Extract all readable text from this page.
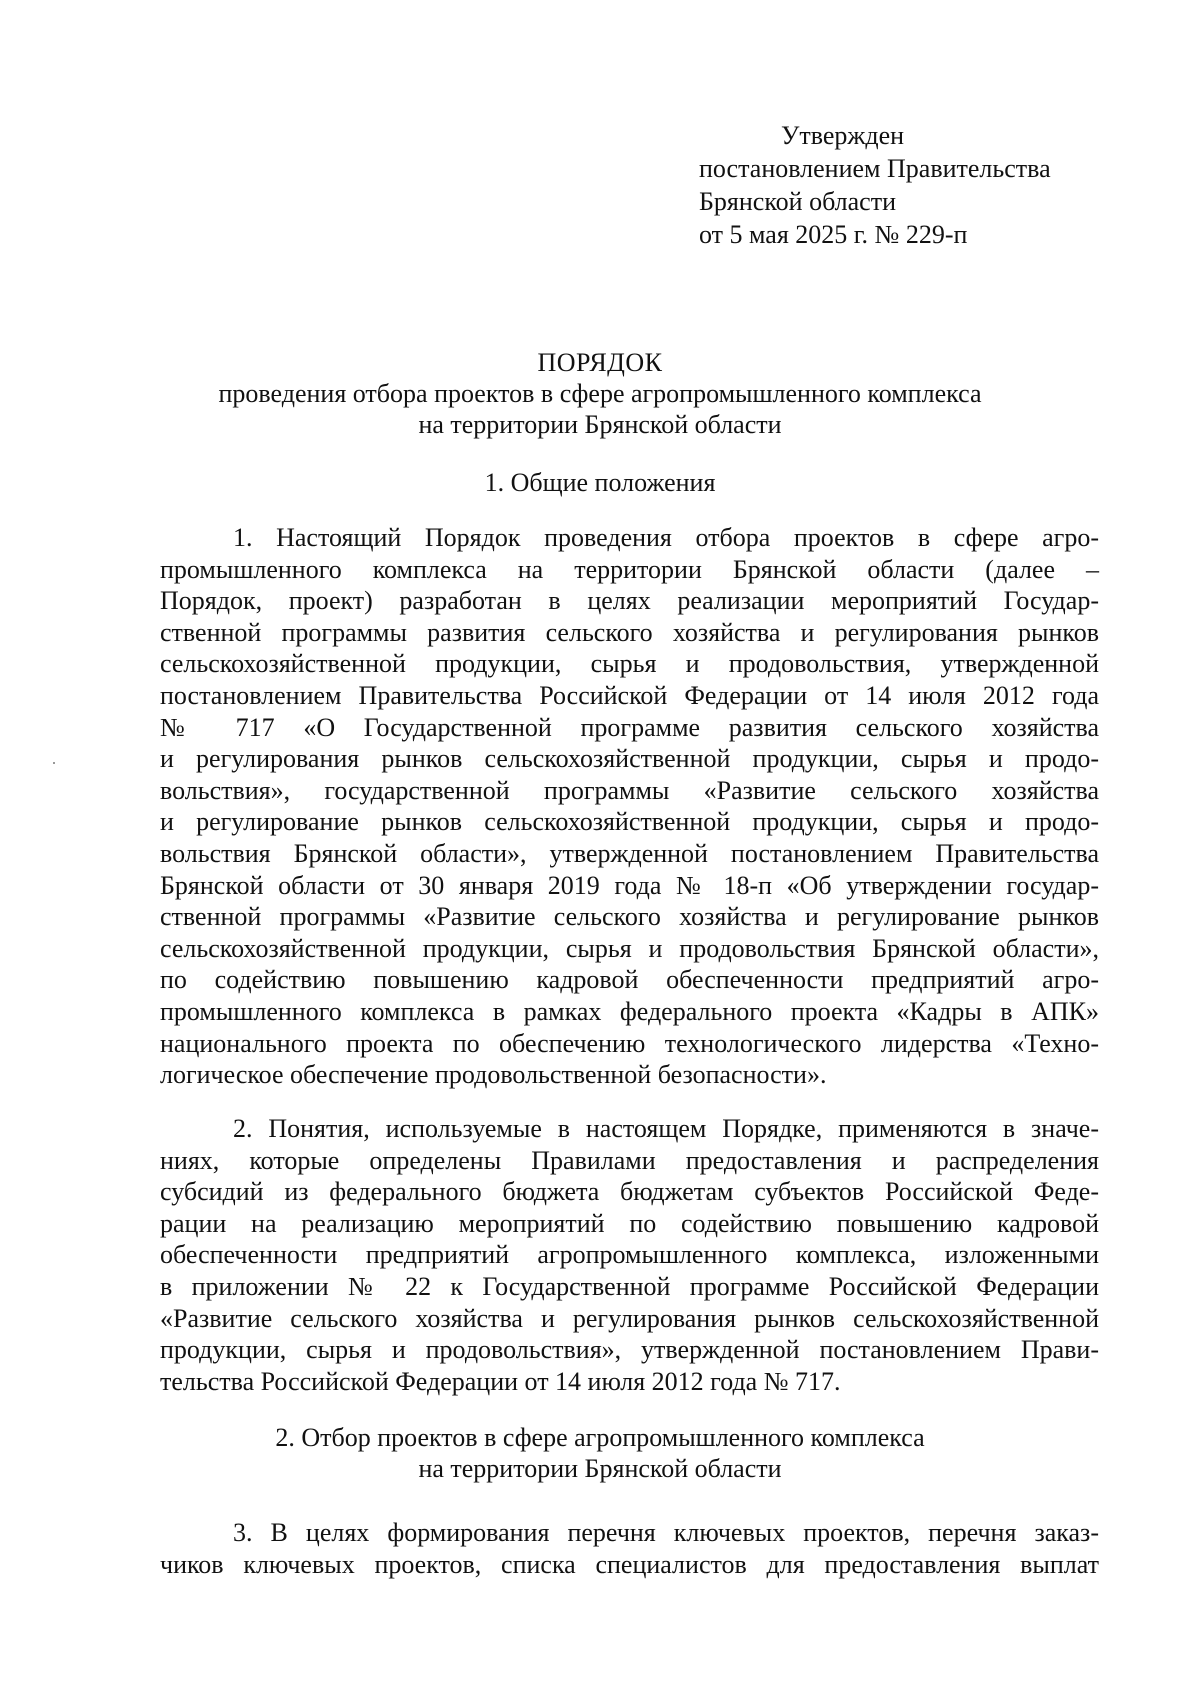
Утвержден
постановлением Правительства
Брянской области
от 5 мая 2025 г. № 229-п
ПОРЯДОК
проведения отбора проектов в сфере агропромышленного комплекса
на территории Брянской области
1. Общие положения
1. Настоящий Порядок проведения отбора проектов в сфере агро-
промышленного комплекса на территории Брянской области (далее –
Порядок, проект) разработан в целях реализации мероприятий Государ-
ственной программы развития сельского хозяйства и регулирования рынков
сельскохозяйственной продукции, сырья и продовольствия, утвержденной
постановлением Правительства Российской Федерации от 14 июля 2012 года
№ 717 «О Государственной программе развития сельского хозяйства
и регулирования рынков сельскохозяйственной продукции, сырья и продо-
вольствия», государственной программы «Развитие сельского хозяйства
и регулирование рынков сельскохозяйственной продукции, сырья и продо-
вольствия Брянской области», утвержденной постановлением Правительства
Брянской области от 30 января 2019 года № 18-п «Об утверждении государ-
ственной программы «Развитие сельского хозяйства и регулирование рынков
сельскохозяйственной продукции, сырья и продовольствия Брянской области»,
по содействию повышению кадровой обеспеченности предприятий агро-
промышленного комплекса в рамках федерального проекта «Кадры в АПК»
национального проекта по обеспечению технологического лидерства «Техно-
логическое обеспечение продовольственной безопасности».
2. Понятия, используемые в настоящем Порядке, применяются в значе-
ниях, которые определены Правилами предоставления и распределения
субсидий из федерального бюджета бюджетам субъектов Российской Феде-
рации на реализацию мероприятий по содействию повышению кадровой
обеспеченности предприятий агропромышленного комплекса, изложенными
в приложении № 22 к Государственной программе Российской Федерации
«Развитие сельского хозяйства и регулирования рынков сельскохозяйственной
продукции, сырья и продовольствия», утвержденной постановлением Прави-
тельства Российской Федерации от 14 июля 2012 года № 717.
2. Отбор проектов в сфере агропромышленного комплекса
на территории Брянской области
3. В целях формирования перечня ключевых проектов, перечня заказ-
чиков ключевых проектов, списка специалистов для предоставления выплат
